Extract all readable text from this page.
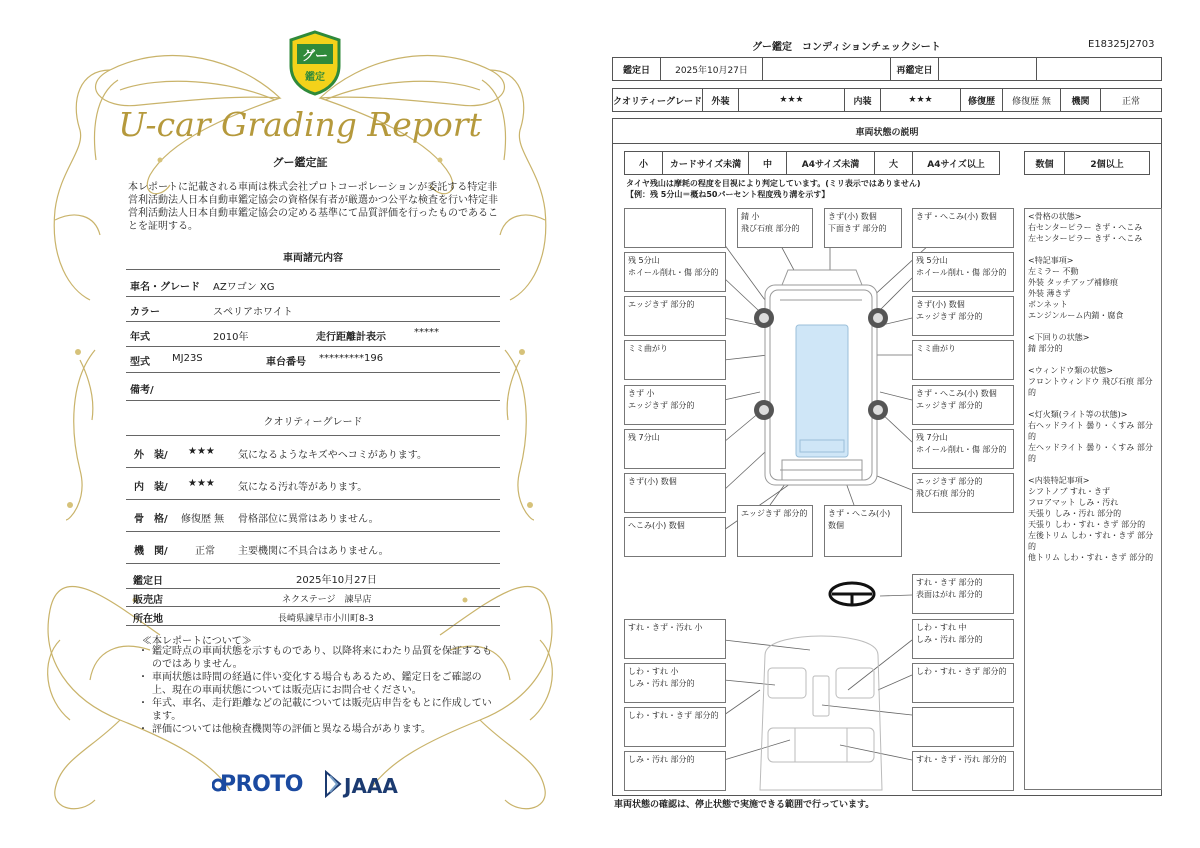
グー
鑑定
U-car Grading Report
グー鑑定証
本レポートに記載される車両は株式会社プロトコーポレーションが委託する特定非営利活動法人日本自動車鑑定協会の資格保有者が厳選かつ公平な検査を行い特定非営利活動法人日本自動車鑑定協会の定める基準にて品質評価を行ったものであることを証明する。
車両諸元内容
車名・グレード AZワゴン XG
カラー	スペリアホワイト
年式	2010年	走行距離計表示	*****
型式 MJ23S	車台番号 *********196
備考/
クオリティーグレード
外　装/ ★★★ 気になるようなキズやヘコミがあります。
内　装/ ★★★ 気になる汚れ等があります。
骨　格/ 修復歴 無 骨格部位に異常はありません。
機　関/	正常 主要機関に不具合はありません。
鑑定日	2025年10月27日
販売店	ネクステージ　諫早店
所在地	長崎県諫早市小川町8-3
≪本レポートについて≫
・ 鑑定時点の車両状態を示すものであり、以降将来にわたり品質を保証するものではありません。
・ 車両状態は時間の経過に伴い変化する場合もあるため、鑑定日をご確認の上、現在の車両状態については販売店にお問合せください。
・ 年式、車名、走行距離などの記載については販売店申告をもとに作成しています。
・ 評価については他検査機関等の評価と異なる場合があります。
PROTO JAAA
グー鑑定　コンディションチェックシート	E18325J2703
鑑定日	2025年10月27日	再鑑定日
クオリティーグレード	外装	★★★	内装	★★★	修復歴	修復歴 無	機関	正常
車両状態の説明
小	カードサイズ未満	中	A4サイズ未満	大	A4サイズ以上	数個	2個以上
タイヤ残山は摩耗の程度を目視により判定しています。(ミリ表示ではありません)
【例：残 5分山＝概ね50パーセント程度残り溝を示す】
錆 小
飛び石痕 部分的
きず(小) 数個
下面きず 部分的
きず・へこみ(小) 数個
残 5分山
ホイール削れ・傷 部分的
エッジきず 部分的
ミミ曲がり
きず 小
エッジきず 部分的
残 7分山
きず(小) 数個
へこみ(小) 数個
エッジきず 部分的	きず・へこみ(小) 数個
残 5分山
ホイール削れ・傷 部分的
きず(小) 数個
エッジきず 部分的
ミミ曲がり
きず・へこみ(小) 数個
エッジきず 部分的
残 7分山
ホイール削れ・傷 部分的
エッジきず 部分的
飛び石痕 部分的
すれ・きず 部分的
表面はがれ 部分的
すれ・きず・汚れ 小
しわ・すれ 小
しみ・汚れ 部分的
しわ・すれ・きず 部分的
しみ・汚れ 部分的
しわ・すれ 中
しみ・汚れ 部分的
しわ・すれ・きず 部分的
すれ・きず・汚れ 部分的
<骨格の状態>
右センターピラー きず・へこみ
左センターピラー きず・へこみ
<特記事項>
左ミラー 不動
外装 タッチアップ補修痕
外装 薄きず
ボンネット
エンジンルーム内錆・腐食
<下回りの状態>
錆 部分的
<ウィンドウ類の状態>
フロントウィンドウ 飛び石痕 部分的
<灯火類(ライト等の状態)>
右ヘッドライト 曇り・くすみ 部分的
左ヘッドライト 曇り・くすみ 部分的
<内装特記事項>
シフトノブ すれ・きず
フロアマット しみ・汚れ
天張り しみ・汚れ 部分的
天張り しわ・すれ・きず 部分的
左後トリム しわ・すれ・きず 部分的
他トリム しわ・すれ・きず 部分的
車両状態の確認は、停止状態で実施できる範囲で行っています。
